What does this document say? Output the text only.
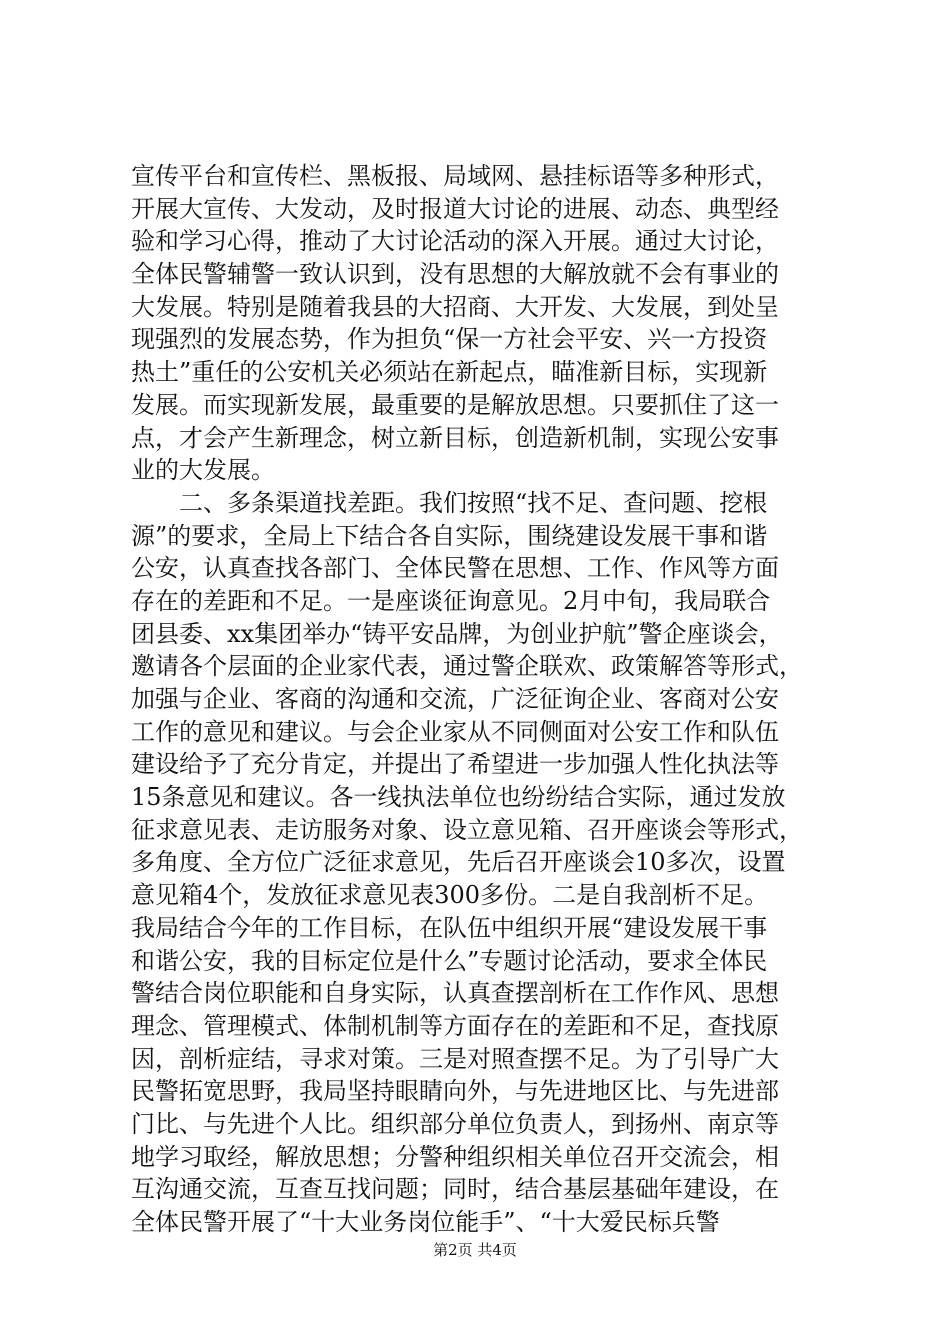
宣传平台和宣传栏、黑板报、局域网、悬挂标语等多种形式，
开展大宣传、大发动，及时报道大讨论的进展、动态、典型经
验和学习心得，推动了大讨论活动的深入开展。通过大讨论，
全体民警辅警一致认识到，没有思想的大解放就不会有事业的
大发展。特别是随着我县的大招商、大开发、大发展，到处呈
现强烈的发展态势，作为担负“保一方社会平安、兴一方投资
热土”重任的公安机关必须站在新起点，瞄准新目标，实现新
发展。而实现新发展，最重要的是解放思想。只要抓住了这一
点，才会产生新理念，树立新目标，创造新机制，实现公安事
业的大发展。
　　二、多条渠道找差距。我们按照“找不足、查问题、挖根
源”的要求，全局上下结合各自实际，围绕建设发展干事和谐
公安，认真查找各部门、全体民警在思想、工作、作风等方面
存在的差距和不足。一是座谈征询意见。2月中旬，我局联合
团县委、xx集团举办“铸平安品牌，为创业护航”警企座谈会，
邀请各个层面的企业家代表，通过警企联欢、政策解答等形式，
加强与企业、客商的沟通和交流，广泛征询企业、客商对公安
工作的意见和建议。与会企业家从不同侧面对公安工作和队伍
建设给予了充分肯定，并提出了希望进一步加强人性化执法等
15条意见和建议。各一线执法单位也纷纷结合实际，通过发放
征求意见表、走访服务对象、设立意见箱、召开座谈会等形式，
多角度、全方位广泛征求意见，先后召开座谈会10多次，设置
意见箱4个，发放征求意见表300多份。二是自我剖析不足。
我局结合今年的工作目标，在队伍中组织开展“建设发展干事
和谐公安，我的目标定位是什么”专题讨论活动，要求全体民
警结合岗位职能和自身实际，认真查摆剖析在工作作风、思想
理念、管理模式、体制机制等方面存在的差距和不足，查找原
因，剖析症结，寻求对策。三是对照查摆不足。为了引导广大
民警拓宽思野，我局坚持眼睛向外，与先进地区比、与先进部
门比、与先进个人比。组织部分单位负责人，到扬州、南京等
地学习取经，解放思想；分警种组织相关单位召开交流会，相
互沟通交流，互查互找问题；同时，结合基层基础年建设，在
全体民警开展了“十大业务岗位能手”、“十大爱民标兵警
第2页 共4页
